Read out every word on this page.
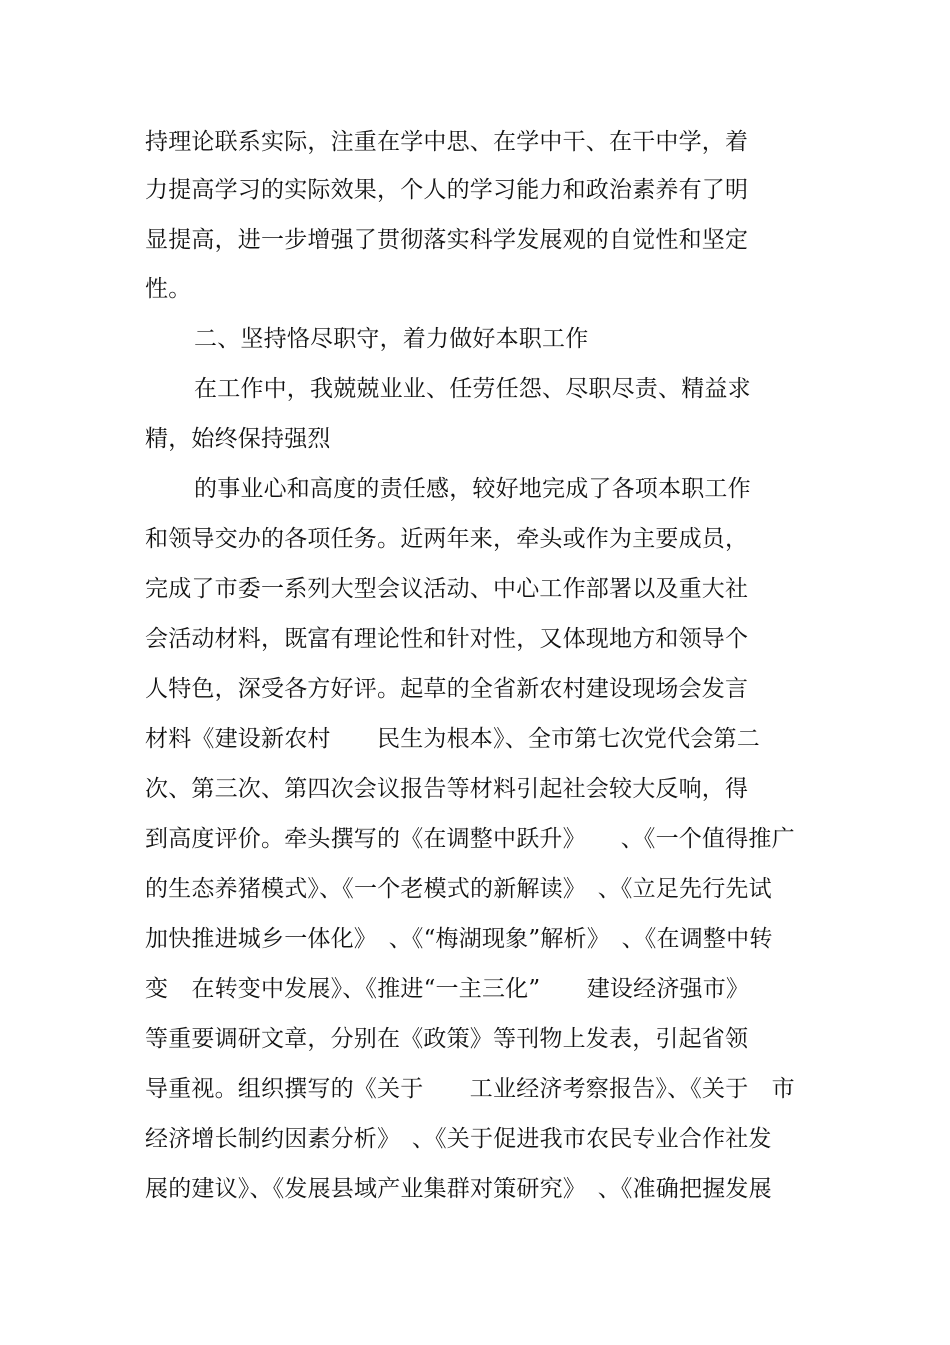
持理论联系实际，注重在学中思、在学中干、在干中学，着
力提高学习的实际效果，个人的学习能力和政治素养有了明
显提高，进一步增强了贯彻落实科学发展观的自觉性和坚定
性。
二、坚持恪尽职守，着力做好本职工作
在工作中，我兢兢业业、任劳任怨、尽职尽责、精益求
精，始终保持强烈
的事业心和高度的责任感，较好地完成了各项本职工作
和领导交办的各项任务。近两年来，牵头或作为主要成员，
完成了市委一系列大型会议活动、中心工作部署以及重大社
会活动材料，既富有理论性和针对性，又体现地方和领导个
人特色，深受各方好评。起草的全省新农村建设现场会发言
材料《建设新农村　　民生为根本》、全市第七次党代会第二
次、第三次、第四次会议报告等材料引起社会较大反响，得
到高度评价。牵头撰写的《在调整中跃升》　　、《一个值得推广
的生态养猪模式》、《一个老模式的新解读》　、《立足先行先试
加快推进城乡一体化》　、《“梅湖现象”解析》　、《在调整中转
变　在转变中发展》、《推进“一主三化”　　建设经济强市》
等重要调研文章，分别在《政策》等刊物上发表，引起省领
导重视。组织撰写的《关于　　工业经济考察报告》、《关于　市
经济增长制约因素分析》　、《关于促进我市农民专业合作社发
展的建议》、《发展县域产业集群对策研究》　、《准确把握发展
